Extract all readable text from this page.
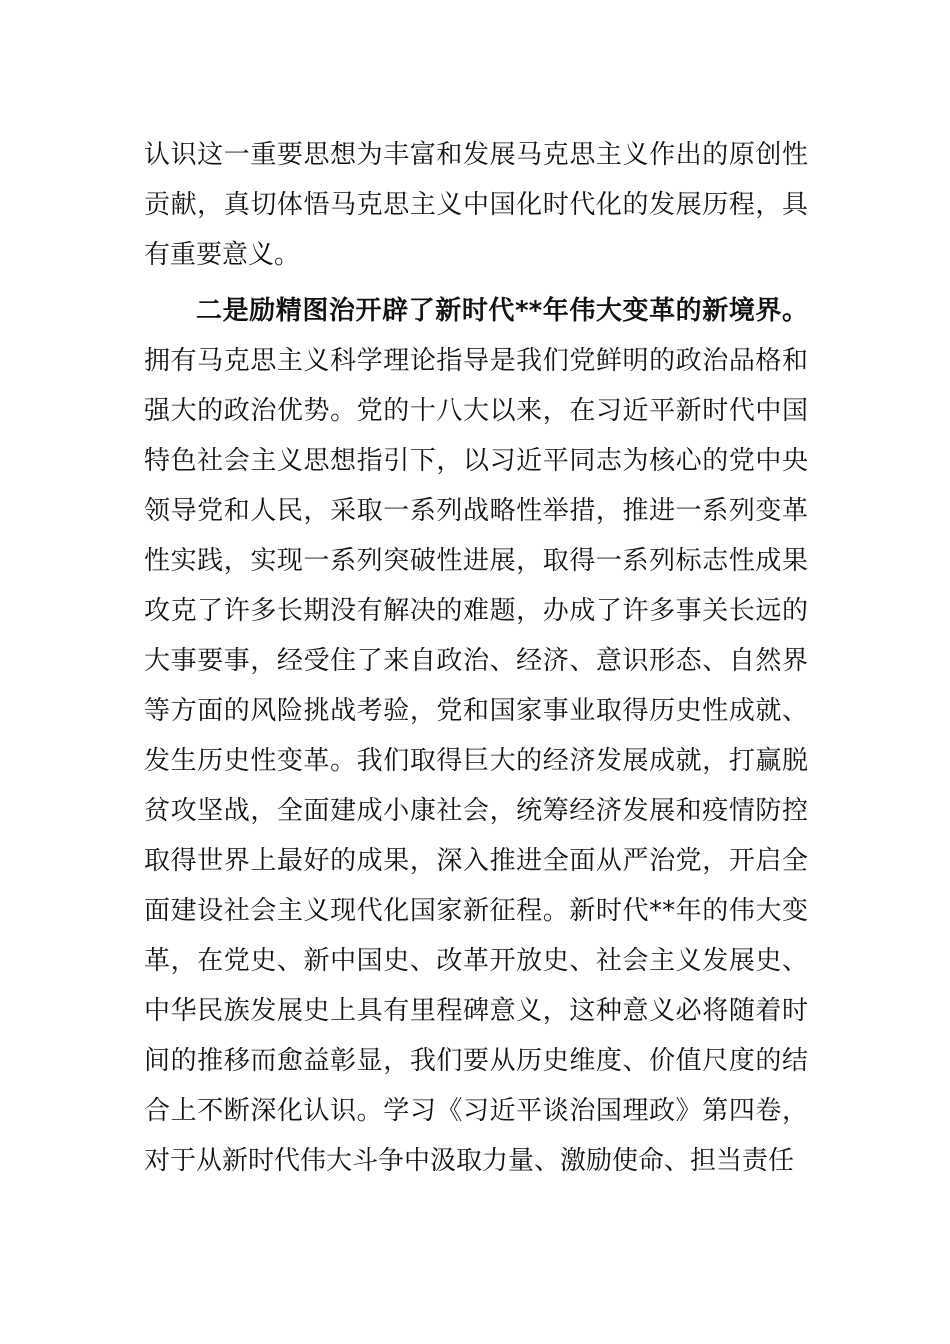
认识这一重要思想为丰富和发展马克思主义作出的原创性贡献，真切体悟马克思主义中国化时代化的发展历程，具有重要意义。

二是励精图治开辟了新时代**年伟大变革的新境界。拥有马克思主义科学理论指导是我们党鲜明的政治品格和强大的政治优势。党的十八大以来，在习近平新时代中国特色社会主义思想指引下，以习近平同志为核心的党中央领导党和人民，采取一系列战略性举措，推进一系列变革性实践，实现一系列突破性进展，取得一系列标志性成果攻克了许多长期没有解决的难题，办成了许多事关长远的大事要事，经受住了来自政治、经济、意识形态、自然界等方面的风险挑战考验，党和国家事业取得历史性成就、发生历史性变革。我们取得巨大的经济发展成就，打赢脱贫攻坚战，全面建成小康社会，统筹经济发展和疫情防控取得世界上最好的成果，深入推进全面从严治党，开启全面建设社会主义现代化国家新征程。新时代**年的伟大变革，在党史、新中国史、改革开放史、社会主义发展史、中华民族发展史上具有里程碑意义，这种意义必将随着时间的推移而愈益彰显，我们要从历史维度、价值尺度的结合上不断深化认识。学习《习近平谈治国理政》第四卷，对于从新时代伟大斗争中汲取力量、激励使命、担当责任
